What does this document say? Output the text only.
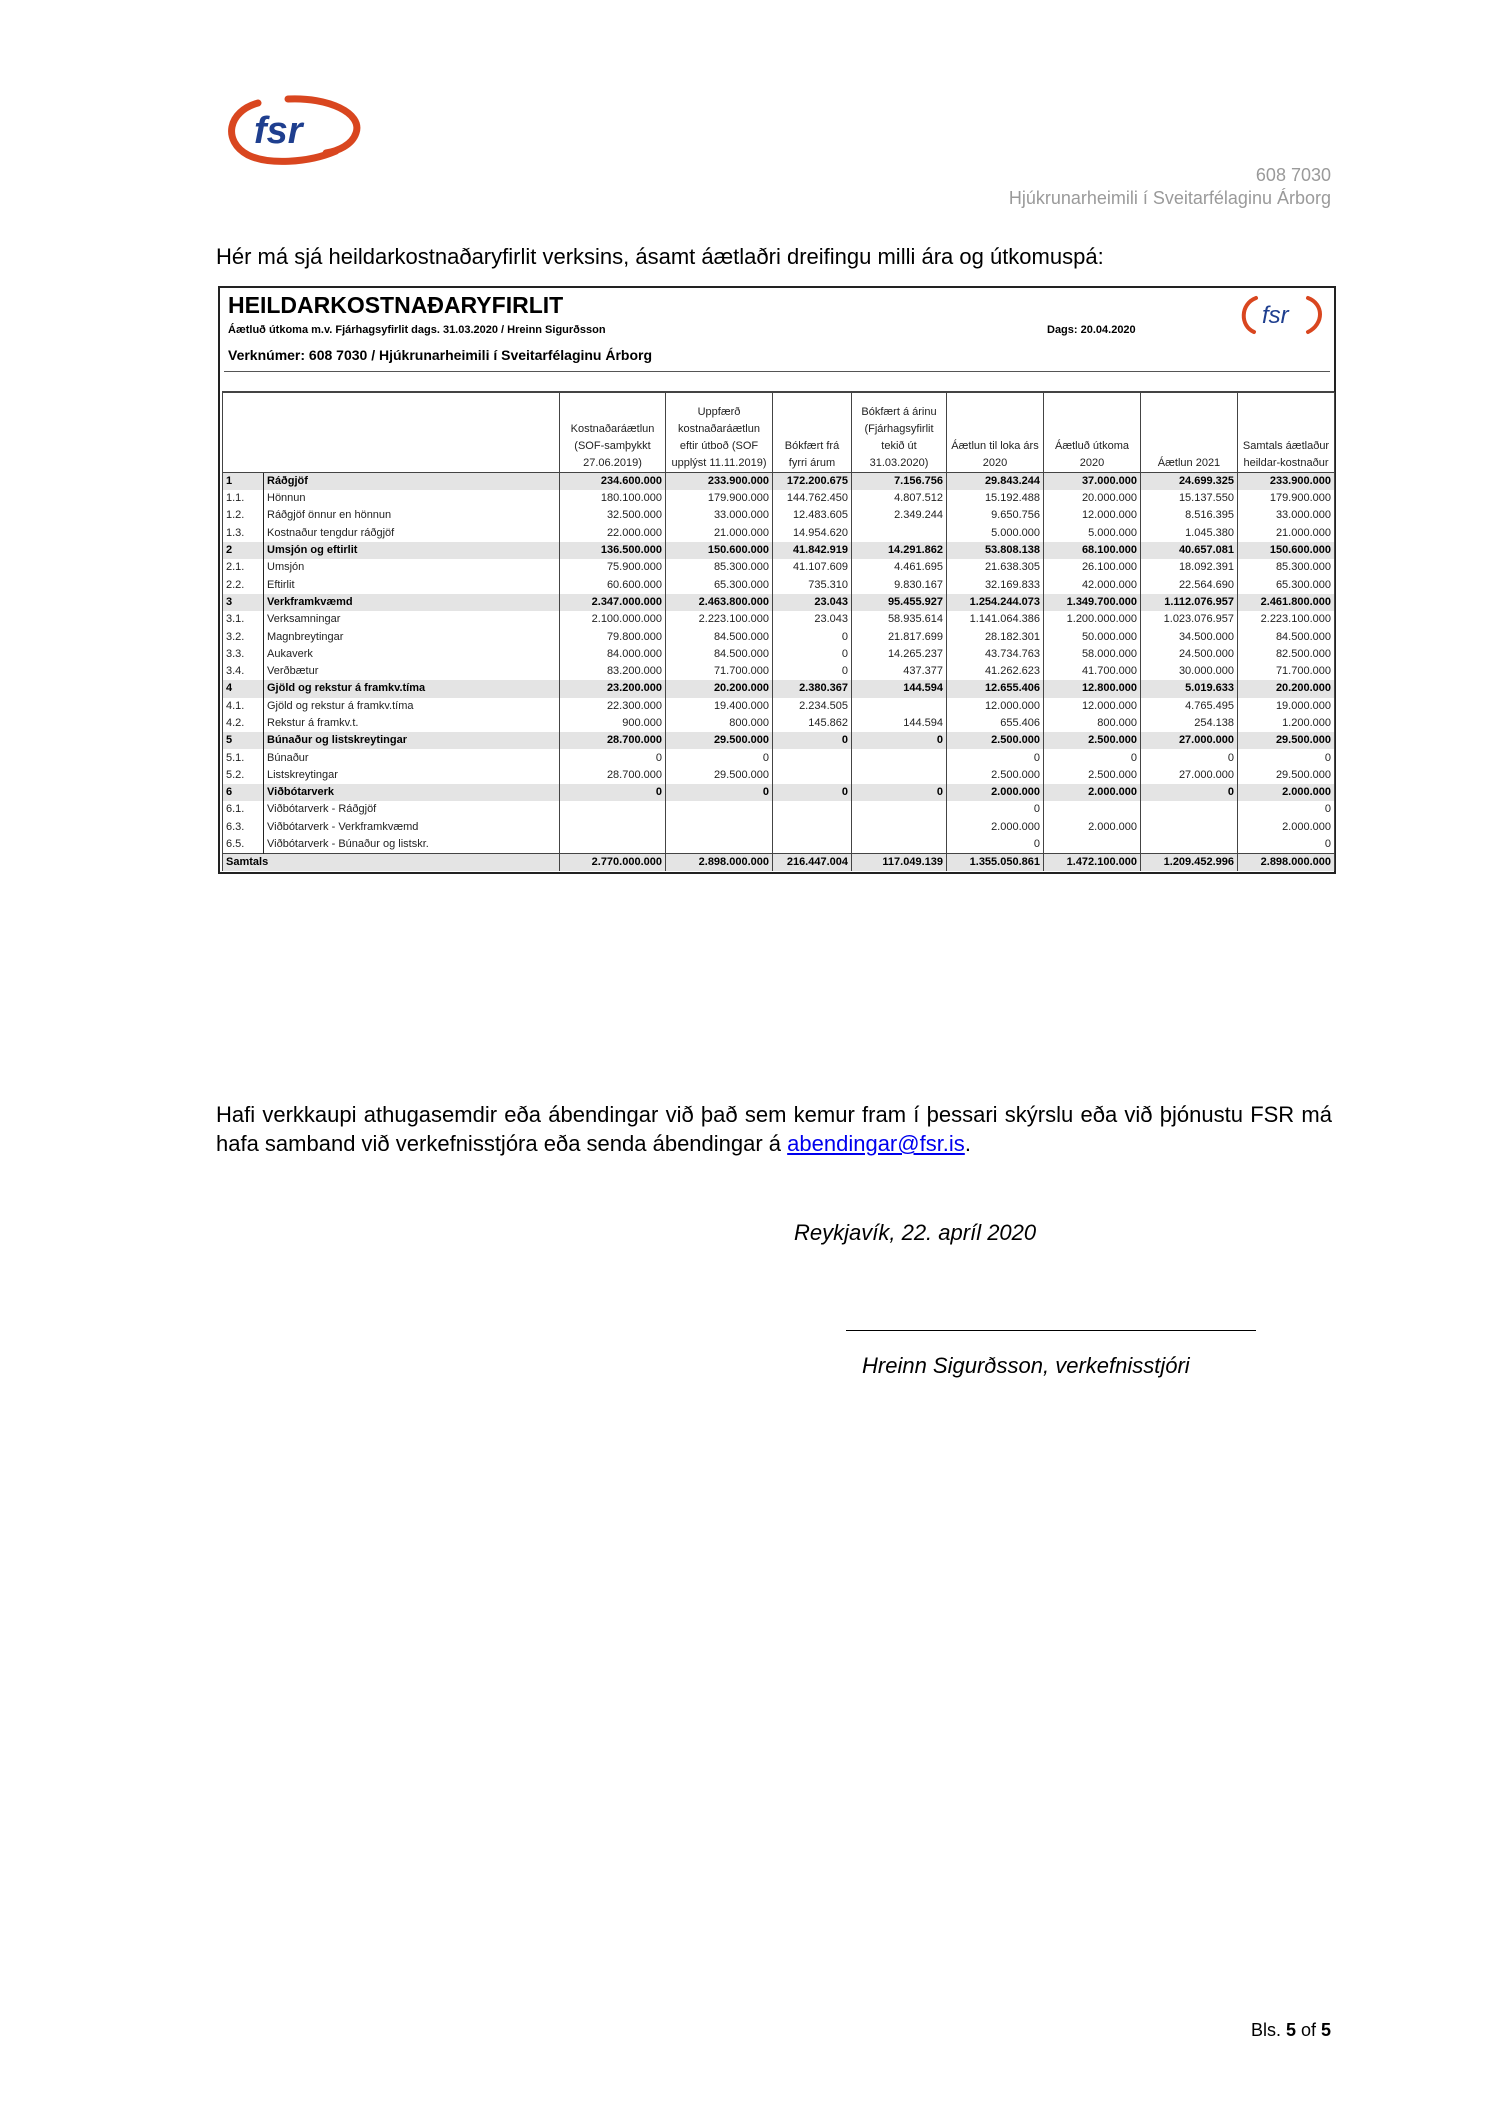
fsr
608 7030
Hjúkrunarheimili í Sveitarfélaginu Árborg
Hér má sjá heildarkostnaðaryfirlit verksins, ásamt áætlaðri dreifingu milli ára og útkomuspá:
HEILDARKOSTNAÐARYFIRLIT
Áætluð útkoma m.v. Fjárhagsyfirlit dags. 31.03.2020 / Hreinn Sigurðsson	Dags: 20.04.2020
fsr
Verknúmer: 608 7030 / Hjúkrunarheimili í Sveitarfélaginu Árborg
		Kostnaðaráætlun (SOF-samþykkt 27.06.2019)	Uppfærð kostnaðaráætlun eftir útboð (SOF upplýst 11.11.2019)	Bókfært frá fyrri árum	Bókfært á árinu (Fjárhagsyfirlit tekið út 31.03.2020)	Áætlun til loka árs 2020	Áætluð útkoma 2020	Áætlun 2021	Samtals áætlaður heildar-kostnaður
1	Ráðgjöf	234.600.000	233.900.000	172.200.675	7.156.756	29.843.244	37.000.000	24.699.325	233.900.000
1.1.	Hönnun	180.100.000	179.900.000	144.762.450	4.807.512	15.192.488	20.000.000	15.137.550	179.900.000
1.2.	Ráðgjöf önnur en hönnun	32.500.000	33.000.000	12.483.605	2.349.244	9.650.756	12.000.000	8.516.395	33.000.000
1.3.	Kostnaður tengdur ráðgjöf	22.000.000	21.000.000	14.954.620		5.000.000	5.000.000	1.045.380	21.000.000
2	Umsjón og eftirlit	136.500.000	150.600.000	41.842.919	14.291.862	53.808.138	68.100.000	40.657.081	150.600.000
2.1.	Umsjón	75.900.000	85.300.000	41.107.609	4.461.695	21.638.305	26.100.000	18.092.391	85.300.000
2.2.	Eftirlit	60.600.000	65.300.000	735.310	9.830.167	32.169.833	42.000.000	22.564.690	65.300.000
3	Verkframkvæmd	2.347.000.000	2.463.800.000	23.043	95.455.927	1.254.244.073	1.349.700.000	1.112.076.957	2.461.800.000
3.1.	Verksamningar	2.100.000.000	2.223.100.000	23.043	58.935.614	1.141.064.386	1.200.000.000	1.023.076.957	2.223.100.000
3.2.	Magnbreytingar	79.800.000	84.500.000	0	21.817.699	28.182.301	50.000.000	34.500.000	84.500.000
3.3.	Aukaverk	84.000.000	84.500.000	0	14.265.237	43.734.763	58.000.000	24.500.000	82.500.000
3.4.	Verðbætur	83.200.000	71.700.000	0	437.377	41.262.623	41.700.000	30.000.000	71.700.000
4	Gjöld og rekstur á framkv.tíma	23.200.000	20.200.000	2.380.367	144.594	12.655.406	12.800.000	5.019.633	20.200.000
4.1.	Gjöld og rekstur á framkv.tíma	22.300.000	19.400.000	2.234.505		12.000.000	12.000.000	4.765.495	19.000.000
4.2.	Rekstur á framkv.t.	900.000	800.000	145.862	144.594	655.406	800.000	254.138	1.200.000
5	Búnaður og listskreytingar	28.700.000	29.500.000	0	0	2.500.000	2.500.000	27.000.000	29.500.000
5.1.	Búnaður	0	0			0	0	0	0
5.2.	Listskreytingar	28.700.000	29.500.000			2.500.000	2.500.000	27.000.000	29.500.000
6	Viðbótarverk	0	0	0	0	2.000.000	2.000.000	0	2.000.000
6.1.	Viðbótarverk - Ráðgjöf					0			0
6.3.	Viðbótarverk - Verkframkvæmd					2.000.000	2.000.000		2.000.000
6.5.	Viðbótarverk - Búnaður og listskr.					0			0
Samtals		2.770.000.000	2.898.000.000	216.447.004	117.049.139	1.355.050.861	1.472.100.000	1.209.452.996	2.898.000.000
Hafi verkkaupi athugasemdir eða ábendingar við það sem kemur fram í þessari skýrslu eða við þjónustu FSR má hafa samband við verkefnisstjóra eða senda ábendingar á abendingar@fsr.is.
Reykjavík, 22. apríl 2020
Hreinn Sigurðsson, verkefnisstjóri
Bls. 5 of 5
